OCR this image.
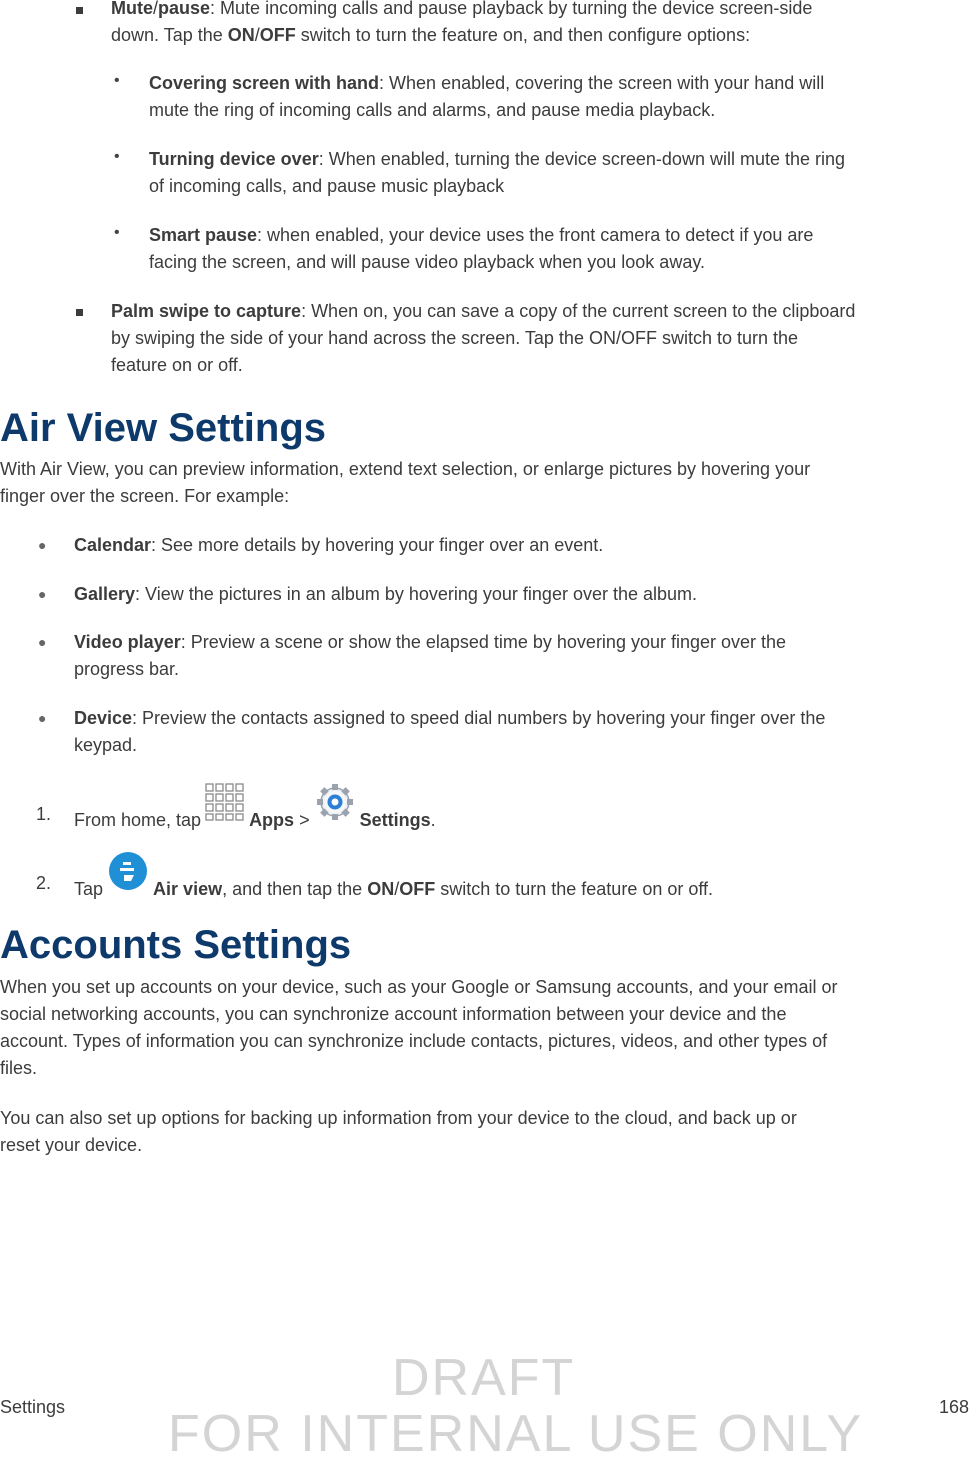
Mute/pause: Mute incoming calls and pause playback by turning the device screen-side
down. Tap the ON/OFF switch to turn the feature on, and then configure options:

• Covering screen with hand: When enabled, covering the screen with your hand will
mute the ring of incoming calls and alarms, and pause media playback.

• Turning device over: When enabled, turning the device screen-down will mute the ring
of incoming calls, and pause music playback

• Smart pause: when enabled, your device uses the front camera to detect if you are
facing the screen, and will pause video playback when you look away.

Palm swipe to capture: When on, you can save a copy of the current screen to the clipboard
by swiping the side of your hand across the screen. Tap the ON/OFF switch to turn the
feature on or off.

Air View Settings

With Air View, you can preview information, extend text selection, or enlarge pictures by hovering your
finger over the screen. For example:

● Calendar: See more details by hovering your finger over an event.

● Gallery: View the pictures in an album by hovering your finger over the album.

● Video player: Preview a scene or show the elapsed time by hovering your finger over the
progress bar.

● Device: Preview the contacts assigned to speed dial numbers by hovering your finger over the
keypad.

1. From home, tap  Apps >	Settings.
2. Tap	Air view, and then tap the ON/OFF switch to turn the feature on or off.
Accounts Settings

When you set up accounts on your device, such as your Google or Samsung accounts, and your email or
social networking accounts, you can synchronize account information between your device and the
account. Types of information you can synchronize include contacts, pictures, videos, and other types of
files.

You can also set up options for backing up information from your device to the cloud, and back up or
reset your device.

DRAFT
FOR INTERNAL USE ONLY
Settings	168
